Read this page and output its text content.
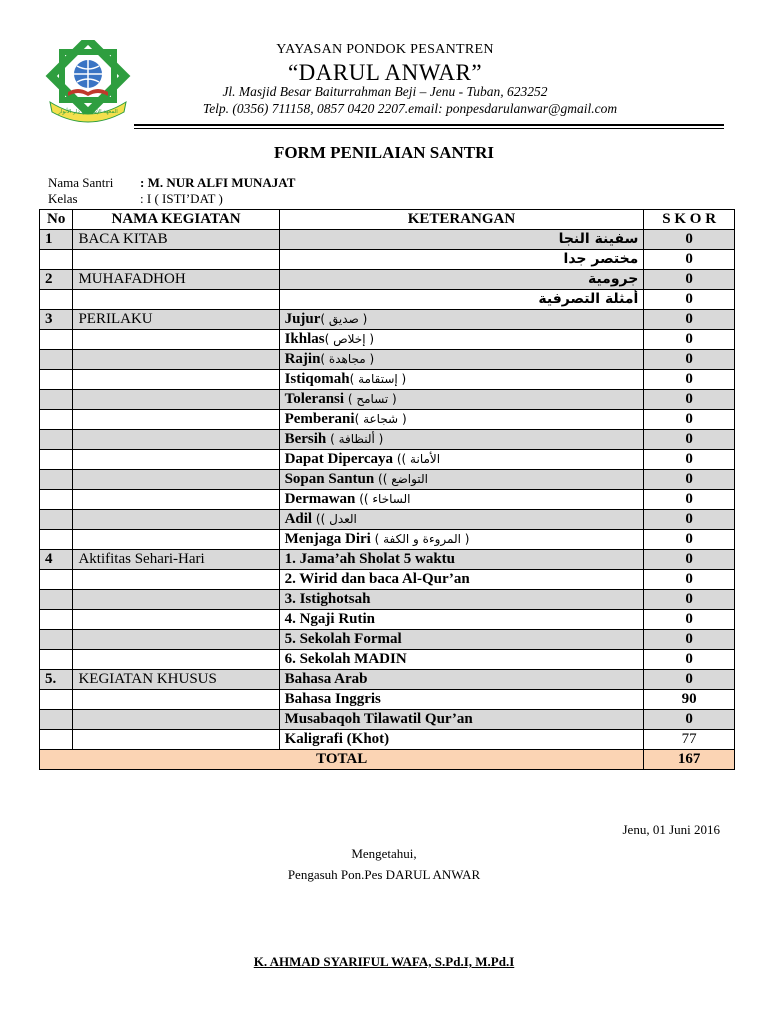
المعهد الإسلامي دار الأنوار
YAYASAN PONDOK PESANTREN
“DARUL ANWAR”
Jl. Masjid Besar Baiturrahman Beji – Jenu - Tuban, 623252
Telp. (0356) 711158, 0857 0420 2207.email: ponpesdarulanwar@gmail.com
FORM PENILAIAN SANTRI
Nama Santri : M. NUR ALFI MUNAJAT
Kelas	: I ( ISTI’DAT )
No	NAMA KEGIATAN	KETERANGAN	S K O R
1	BACA KITAB	سفينة النجا	0
		مختصر جدا	0
2	MUHAFADHOH	جرومية	0
		أمثلة التصرفية	0
3	PERILAKU	Jujur( صديق )	0
		Ikhlas( إخلاص )	0
		Rajin( مجاهدة )	0
		Istiqomah( إستقامة )	0
		Toleransi ( تسامح )	0
		Pemberani( شجاعة )	0
		Bersih ( ألنظافة )	0
		Dapat Dipercaya (( الأمانة	0
		Sopan Santun (( التواضع	0
		Dermawan (( الساخاء	0
		Adil (( العدل	0
		Menjaga Diri ( المروءة و الكفة )	0
4	Aktifitas Sehari-Hari	1. Jama’ah Sholat 5 waktu	0
		2. Wirid dan baca Al-Qur’an	0
		3. Istighotsah	0
		4. Ngaji Rutin	0
		5. Sekolah Formal	0
		6. Sekolah MADIN	0
5.	KEGIATAN KHUSUS	Bahasa Arab	0
		Bahasa Inggris	90
		Musabaqoh Tilawatil Qur’an	0
		Kaligrafi (Khot)	77
TOTAL			167
Jenu, 01 Juni 2016
Mengetahui,
Pengasuh Pon.Pes DARUL ANWAR
K. AHMAD SYARIFUL WAFA, S.Pd.I, M.Pd.I
